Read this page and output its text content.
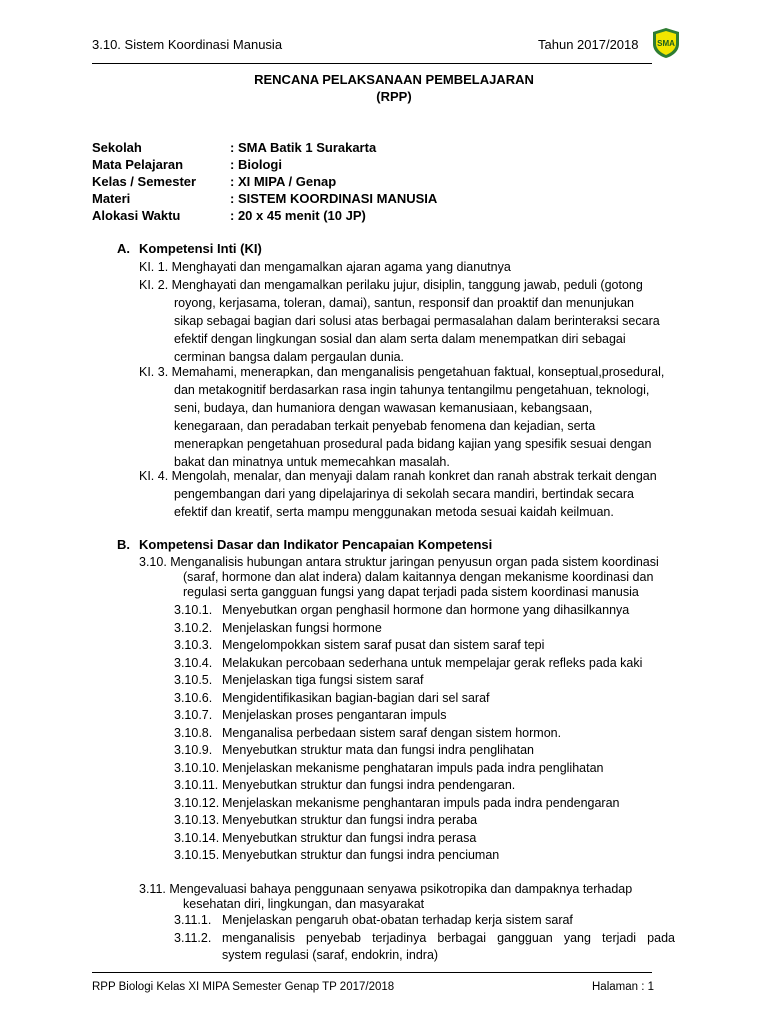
3.10. Sistem Koordinasi Manusia	Tahun 2017/2018 SMA
RENCANA PELAKSANAAN PEMBELAJARAN
(RPP)
Sekolah	: SMA Batik 1 Surakarta
Mata Pelajaran	: Biologi
Kelas / Semester	: XI MIPA / Genap
Materi	: SISTEM KOORDINASI MANUSIA
Alokasi Waktu	: 20 x 45 menit (10 JP)
A. Kompetensi Inti (KI)
KI. 1. Menghayati dan mengamalkan ajaran agama yang dianutnya
KI. 2. Menghayati dan mengamalkan perilaku jujur, disiplin, tanggung jawab, peduli (gotong
royong, kerjasama, toleran, damai), santun, responsif dan proaktif dan menunjukan
sikap sebagai bagian dari solusi atas berbagai permasalahan dalam berinteraksi secara
efektif dengan lingkungan sosial dan alam serta dalam menempatkan diri sebagai
cerminan bangsa dalam pergaulan dunia.
KI. 3. Memahami, menerapkan, dan menganalisis pengetahuan faktual, konseptual,prosedural,
dan metakognitif berdasarkan rasa ingin tahunya tentangilmu pengetahuan, teknologi,
seni, budaya, dan humaniora dengan wawasan kemanusiaan, kebangsaan,
kenegaraan, dan peradaban terkait penyebab fenomena dan kejadian, serta
menerapkan pengetahuan prosedural pada bidang kajian yang spesifik sesuai dengan
bakat dan minatnya untuk memecahkan masalah.
KI. 4. Mengolah, menalar, dan menyaji dalam ranah konkret dan ranah abstrak terkait dengan
pengembangan dari yang dipelajarinya di sekolah secara mandiri, bertindak secara
efektif dan kreatif, serta mampu menggunakan metoda sesuai kaidah keilmuan.
B. Kompetensi Dasar dan Indikator Pencapaian Kompetensi
3.10. Menganalisis hubungan antara struktur jaringan penyusun organ pada sistem koordinasi
(saraf, hormone dan alat indera) dalam kaitannya dengan mekanisme koordinasi dan
regulasi serta gangguan fungsi yang dapat terjadi pada sistem koordinasi manusia
3.10.1. Menyebutkan organ penghasil hormone dan hormone yang dihasilkannya
3.10.2. Menjelaskan fungsi hormone
3.10.3. Mengelompokkan sistem saraf pusat dan sistem saraf tepi
3.10.4. Melakukan percobaan sederhana untuk mempelajar gerak refleks pada kaki
3.10.5. Menjelaskan tiga fungsi sistem saraf
3.10.6. Mengidentifikasikan bagian-bagian dari sel saraf
3.10.7. Menjelaskan proses pengantaran impuls
3.10.8. Menganalisa perbedaan sistem saraf dengan sistem hormon.
3.10.9. Menyebutkan struktur mata dan fungsi indra penglihatan
3.10.10. Menjelaskan mekanisme penghataran impuls pada indra penglihatan
3.10.11. Menyebutkan struktur dan fungsi indra pendengaran.
3.10.12. Menjelaskan mekanisme penghantaran impuls pada indra pendengaran
3.10.13. Menyebutkan struktur dan fungsi indra peraba
3.10.14. Menyebutkan struktur dan fungsi indra perasa
3.10.15. Menyebutkan struktur dan fungsi indra penciuman
3.11. Mengevaluasi bahaya penggunaan senyawa psikotropika dan dampaknya terhadap
kesehatan diri, lingkungan, dan masyarakat
3.11.1. Menjelaskan pengaruh obat-obatan terhadap kerja sistem saraf
3.11.2. menganalisis penyebab terjadinya berbagai gangguan yang terjadi pada
system regulasi (saraf, endokrin, indra)
RPP Biologi Kelas XI MIPA Semester Genap TP 2017/2018	Halaman : 1
